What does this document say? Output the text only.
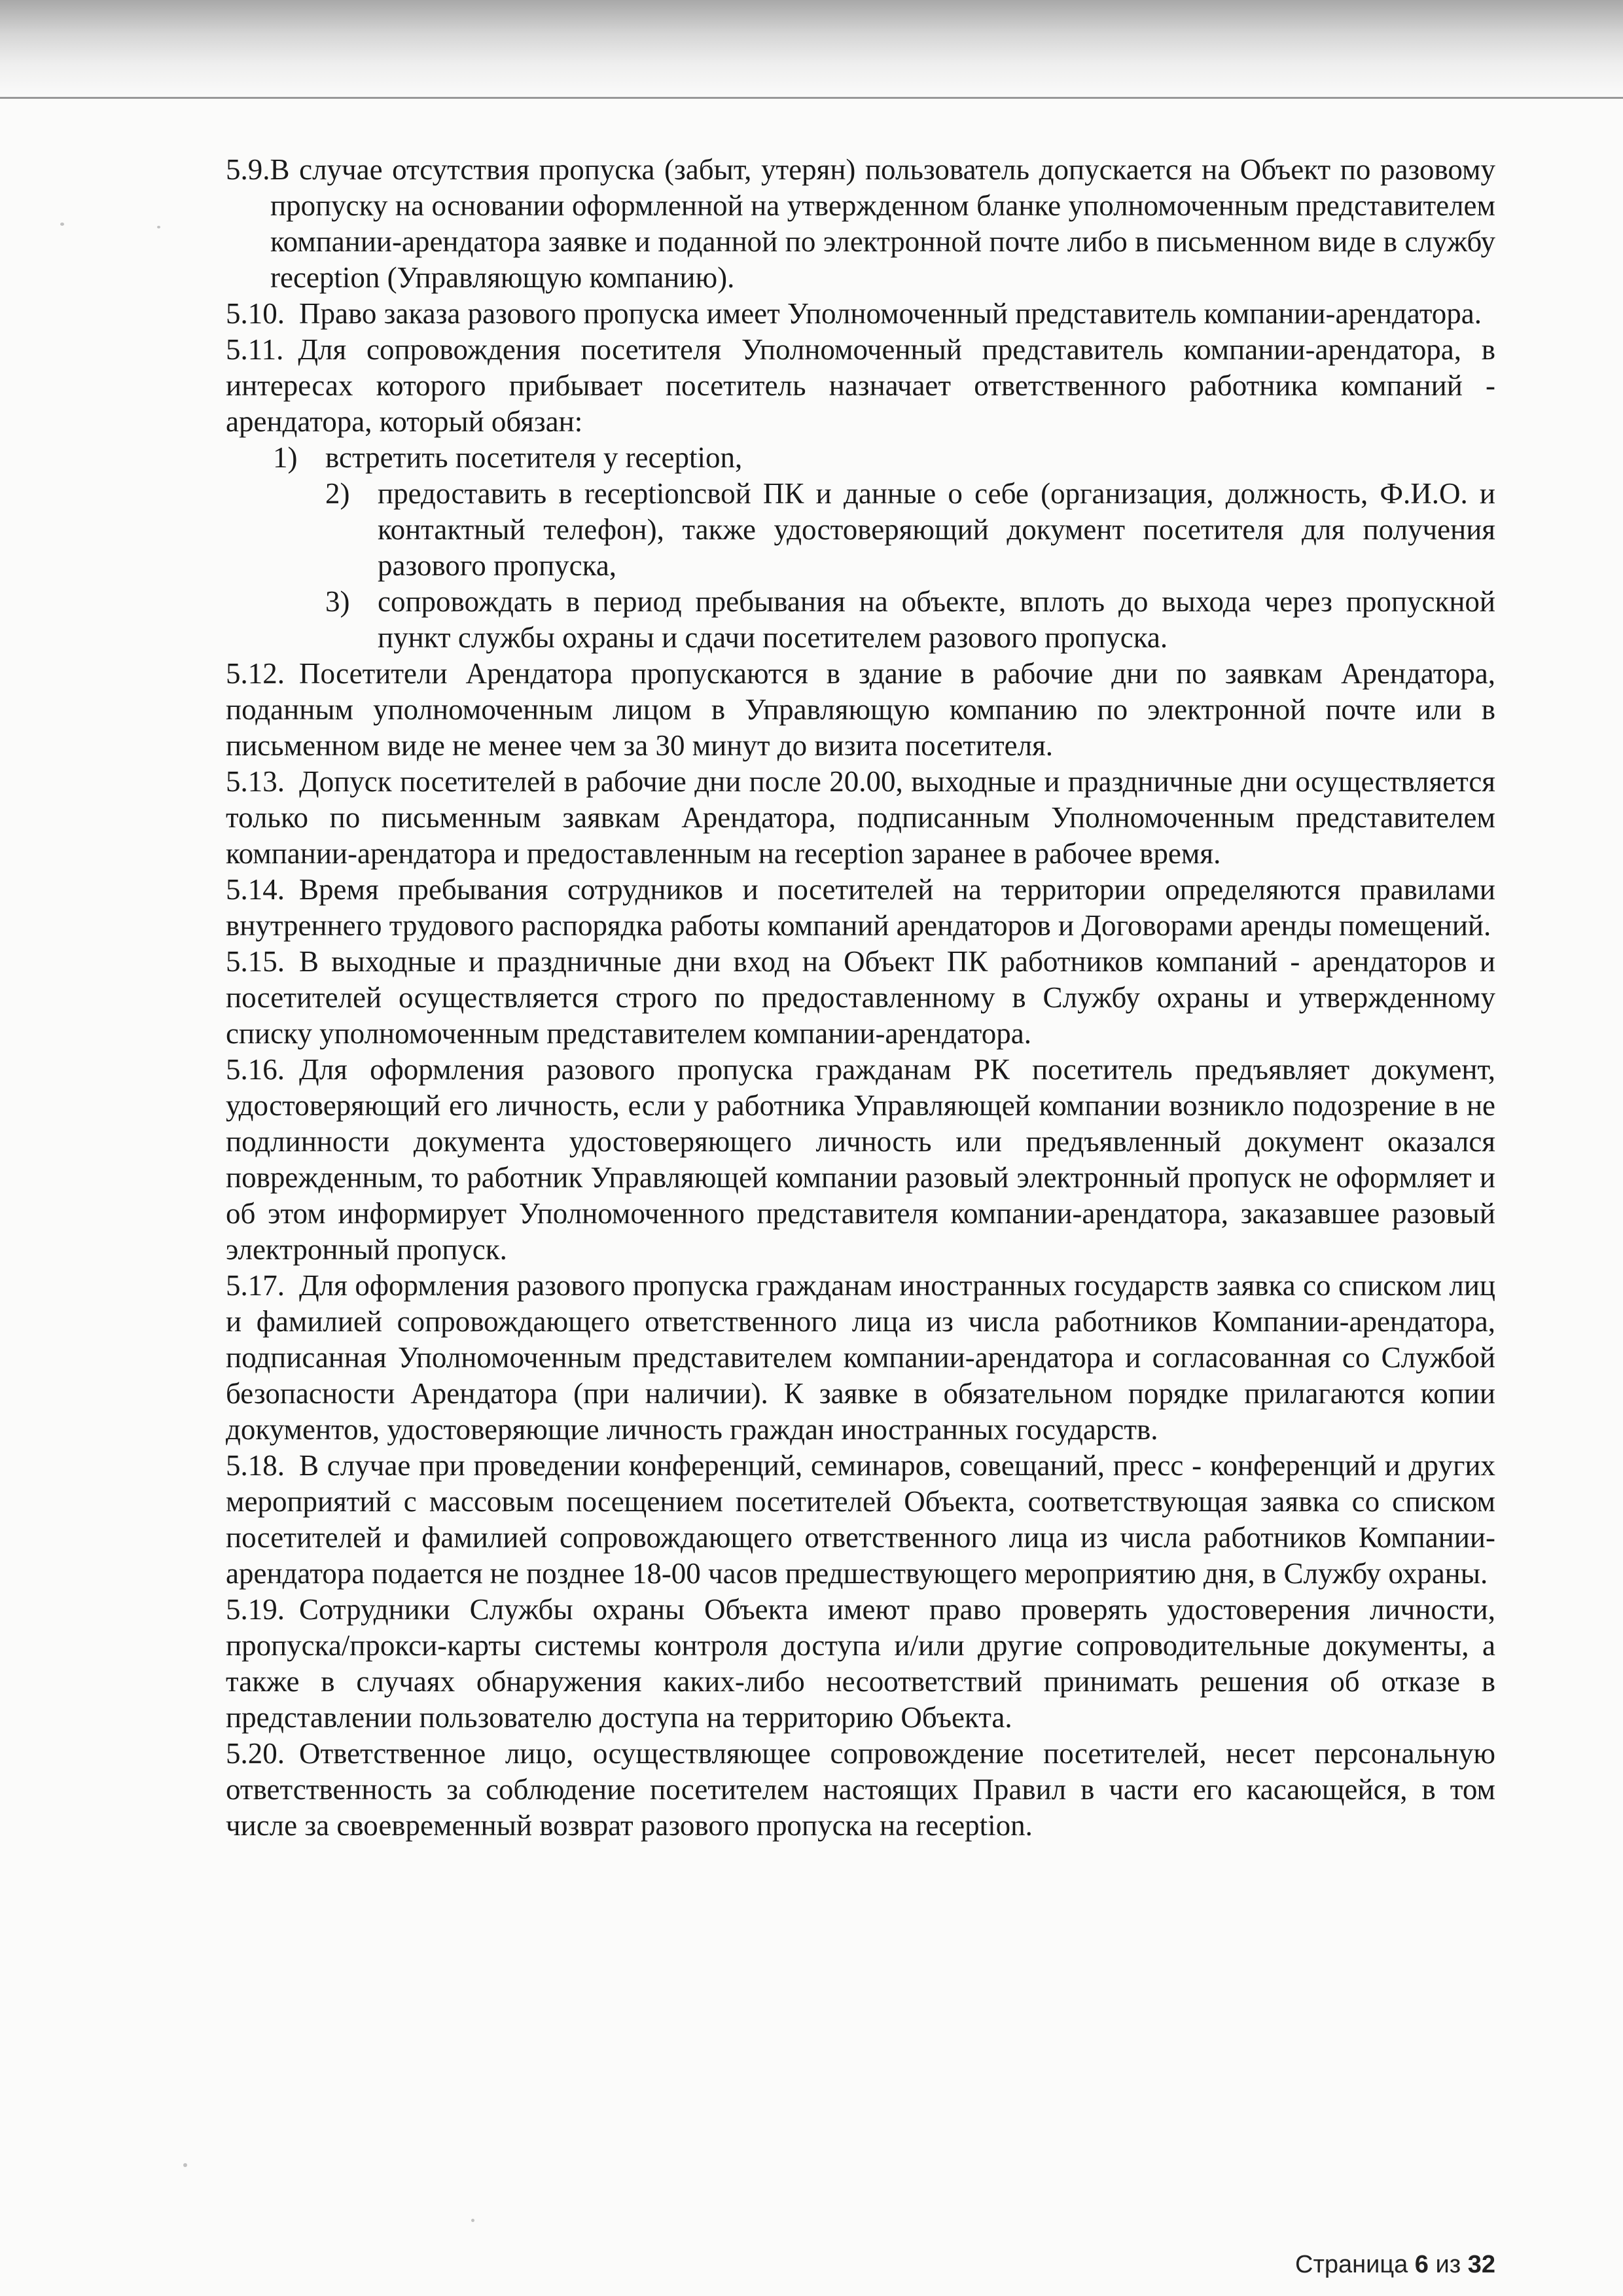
5.9.В случае отсутствия пропуска (забыт, утерян) пользователь допускается на Объект по разовому пропуску на основании оформленной на утвержденном бланке уполномоченным представителем компании-арендатора заявке и поданной по электронной почте либо в письменном виде в службу reception (Управляющую компанию).

5.10. Право заказа разового пропуска имеет Уполномоченный представитель компании-арендатора.

5.11. Для сопровождения посетителя Уполномоченный представитель компании-арендатора, в интересах которого прибывает посетитель назначает ответственного работника компаний - арендатора, который обязан:

1) встретить посетителя у reception,
2) предоставить в receptionсвой ПК и данные о себе (организация, должность, Ф.И.О. и контактный телефон), также удостоверяющий документ посетителя для получения разового пропуска,
3) сопровождать в период пребывания на объекте, вплоть до выхода через пропускной пункт службы охраны и сдачи посетителем разового пропуска.

5.12. Посетители Арендатора пропускаются в здание в рабочие дни по заявкам Арендатора, поданным уполномоченным лицом в Управляющую компанию по электронной почте или в письменном виде не менее чем за 30 минут до визита посетителя.

5.13. Допуск посетителей в рабочие дни после 20.00, выходные и праздничные дни осуществляется только по письменным заявкам Арендатора, подписанным Уполномоченным представителем компании-арендатора и предоставленным на reception заранее в рабочее время.

5.14. Время пребывания сотрудников и посетителей на территории определяются правилами внутреннего трудового распорядка работы компаний арендаторов и Договорами аренды помещений.

5.15. В выходные и праздничные дни вход на Объект ПК работников компаний - арендаторов и посетителей осуществляется строго по предоставленному в Службу охраны и утвержденному списку уполномоченным представителем компании-арендатора.

5.16. Для оформления разового пропуска гражданам РК посетитель предъявляет документ, удостоверяющий его личность, если у работника Управляющей компании возникло подозрение в не подлинности документа удостоверяющего личность или предъявленный документ оказался поврежденным, то работник Управляющей компании разовый электронный пропуск не оформляет и об этом информирует Уполномоченного представителя компании-арендатора, заказавшее разовый электронный пропуск.

5.17. Для оформления разового пропуска гражданам иностранных государств заявка со списком лиц и фамилией сопровождающего ответственного лица из числа работников Компании-арендатора, подписанная Уполномоченным представителем компании-арендатора и согласованная со Службой безопасности Арендатора (при наличии). К заявке в обязательном порядке прилагаются копии документов, удостоверяющие личность граждан иностранных государств.

5.18. В случае при проведении конференций, семинаров, совещаний, пресс - конференций и других мероприятий с массовым посещением посетителей Объекта, соответствующая заявка со списком посетителей и фамилией сопровождающего ответственного лица из числа работников Компании-арендатора подается не позднее 18-00 часов предшествующего мероприятию дня, в Службу охраны.

5.19. Сотрудники Службы охраны Объекта имеют право проверять удостоверения личности, пропуска/прокси-карты системы контроля доступа и/или другие сопроводительные документы, а также в случаях обнаружения каких-либо несоответствий принимать решения об отказе в представлении пользователю доступа на территорию Объекта.

5.20. Ответственное лицо, осуществляющее сопровождение посетителей, несет персональную ответственность за соблюдение посетителем настоящих Правил в части его касающейся, в том числе за своевременный возврат разового пропуска на reception.

Страница 6 из 32
